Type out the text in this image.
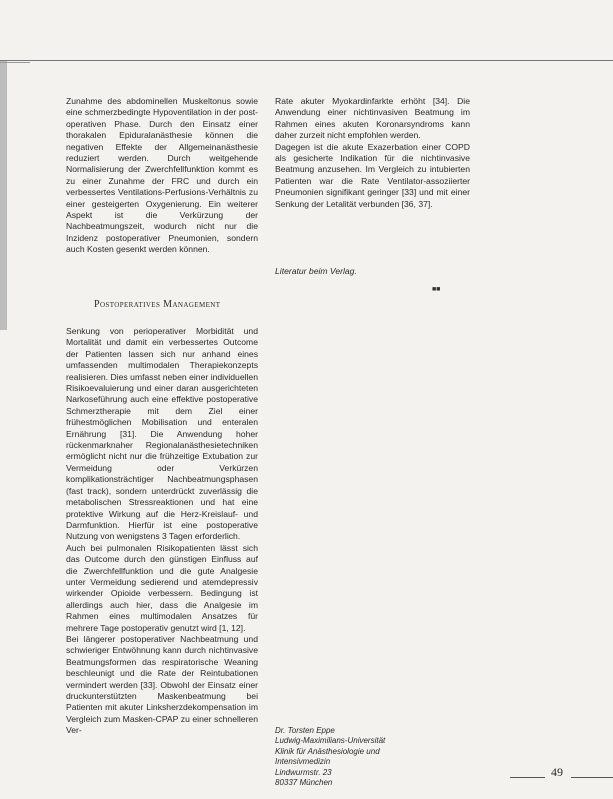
Zunahme des abdominellen Muskeltonus sowie eine schmerzbedingte Hypoventilation in der post-operativen Phase. Durch den Einsatz einer thorakalen Epiduralanästhesie können die negativen Effekte der Allgemeinanästhesie reduziert werden. Durch weitgehende Normalisierung der Zwerchfellfunktion kommt es zu einer Zunahme der FRC und durch ein verbessertes Ventilations-Perfusions-Verhältnis zu einer gesteigerten Oxygenierung. Ein weiterer Aspekt ist die Verkürzung der Nachbeatmungszeit, wodurch nicht nur die Inzidenz postoperativer Pneumonien, sondern auch Kosten gesenkt werden können.

Rate akuter Myokardinfarkte erhöht [34]. Die Anwendung einer nichtinvasiven Beatmung im Rahmen eines akuten Koronarsyndroms kann daher zurzeit nicht empfohlen werden.

Dagegen ist die akute Exazerbation einer COPD als gesicherte Indikation für die nichtinvasive Beatmung anzusehen. Im Vergleich zu intubierten Patienten war die Rate Ventilator-assoziierter Pneumonien signifikant geringer [33] und mit einer Senkung der Letalität verbunden [36, 37].

Literatur beim Verlag.
■ ■
Postoperatives Management

Senkung von perioperativer Morbidität und Mortalität und damit ein verbessertes Outcome der Patienten lassen sich nur anhand eines umfassenden multimodalen Therapiekonzepts realisieren. Dies umfasst neben einer individuellen Risikoevaluierung und einer daran ausgerichteten Narkoseführung auch eine effektive postoperative Schmerztherapie mit dem Ziel einer frühestmöglichen Mobilisation und enteralen Ernährung [31]. Die Anwendung hoher rückenmarknaher Regionalanästhesietechniken ermöglicht nicht nur die frühzeitige Extubation zur Vermeidung oder Verkürzen komplikationsträchtiger Nachbeatmungsphasen (fast track), sondern unterdrückt zuverlässig die metabolischen Stressreaktionen und hat eine protektive Wirkung auf die Herz-Kreislauf- und Darmfunktion. Hierfür ist eine postoperative Nutzung von wenigstens 3 Tagen erforderlich.

Auch bei pulmonalen Risikopatienten lässt sich das Outcome durch den günstigen Einfluss auf die Zwerchfellfunktion und die gute Analgesie unter Vermeidung sedierend und atemdepressiv wirkender Opioide verbessern. Bedingung ist allerdings auch hier, dass die Analgesie im Rahmen eines multimodalen Ansatzes für mehrere Tage postoperativ genutzt wird [1, 12].

Bei längerer postoperativer Nachbeatmung und schwieriger Entwöhnung kann durch nichtinvasive Beatmungsformen das respiratorische Weaning beschleunigt und die Rate der Reintubationen vermindert werden [33]. Obwohl der Einsatz einer druckunterstützten Maskenbeatmung bei Patienten mit akuter Linksherzdekompensation im Vergleich zum Masken-CPAP zu einer schnelleren Ver-	Dr. Torsten Eppe
Ludwig-Maximilians-Universität
Klinik für Anästhesiologie und
Intensivmedizin
Lindwurmstr. 23
80337 München
49
